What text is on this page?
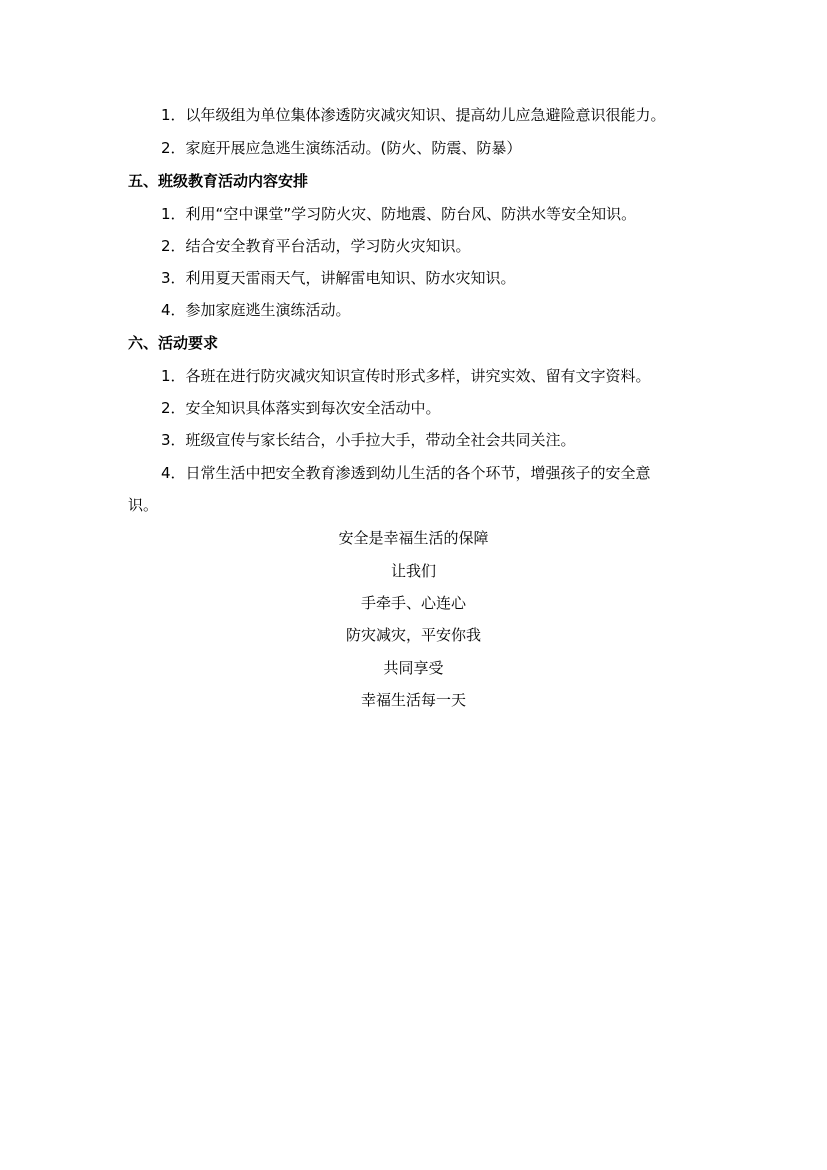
1．以年级组为单位集体渗透防灾减灾知识、提高幼儿应急避险意识很能力。
2．家庭开展应急逃生演练活动。(防火、防震、防暴）
五、班级教育活动内容安排
1．利用“空中课堂”学习防火灾、防地震、防台风、防洪水等安全知识。
2．结合安全教育平台活动，学习防火灾知识。
3．利用夏天雷雨天气，讲解雷电知识、防水灾知识。
4．参加家庭逃生演练活动。
六、活动要求
1．各班在进行防灾减灾知识宣传时形式多样，讲究实效、留有文字资料。
2．安全知识具体落实到每次安全活动中。
3．班级宣传与家长结合，小手拉大手，带动全社会共同关注。
4．日常生活中把安全教育渗透到幼儿生活的各个环节，增强孩子的安全意
识。
安全是幸福生活的保障
让我们
手牵手、心连心
防灾减灾，平安你我
共同享受
幸福生活每一天
